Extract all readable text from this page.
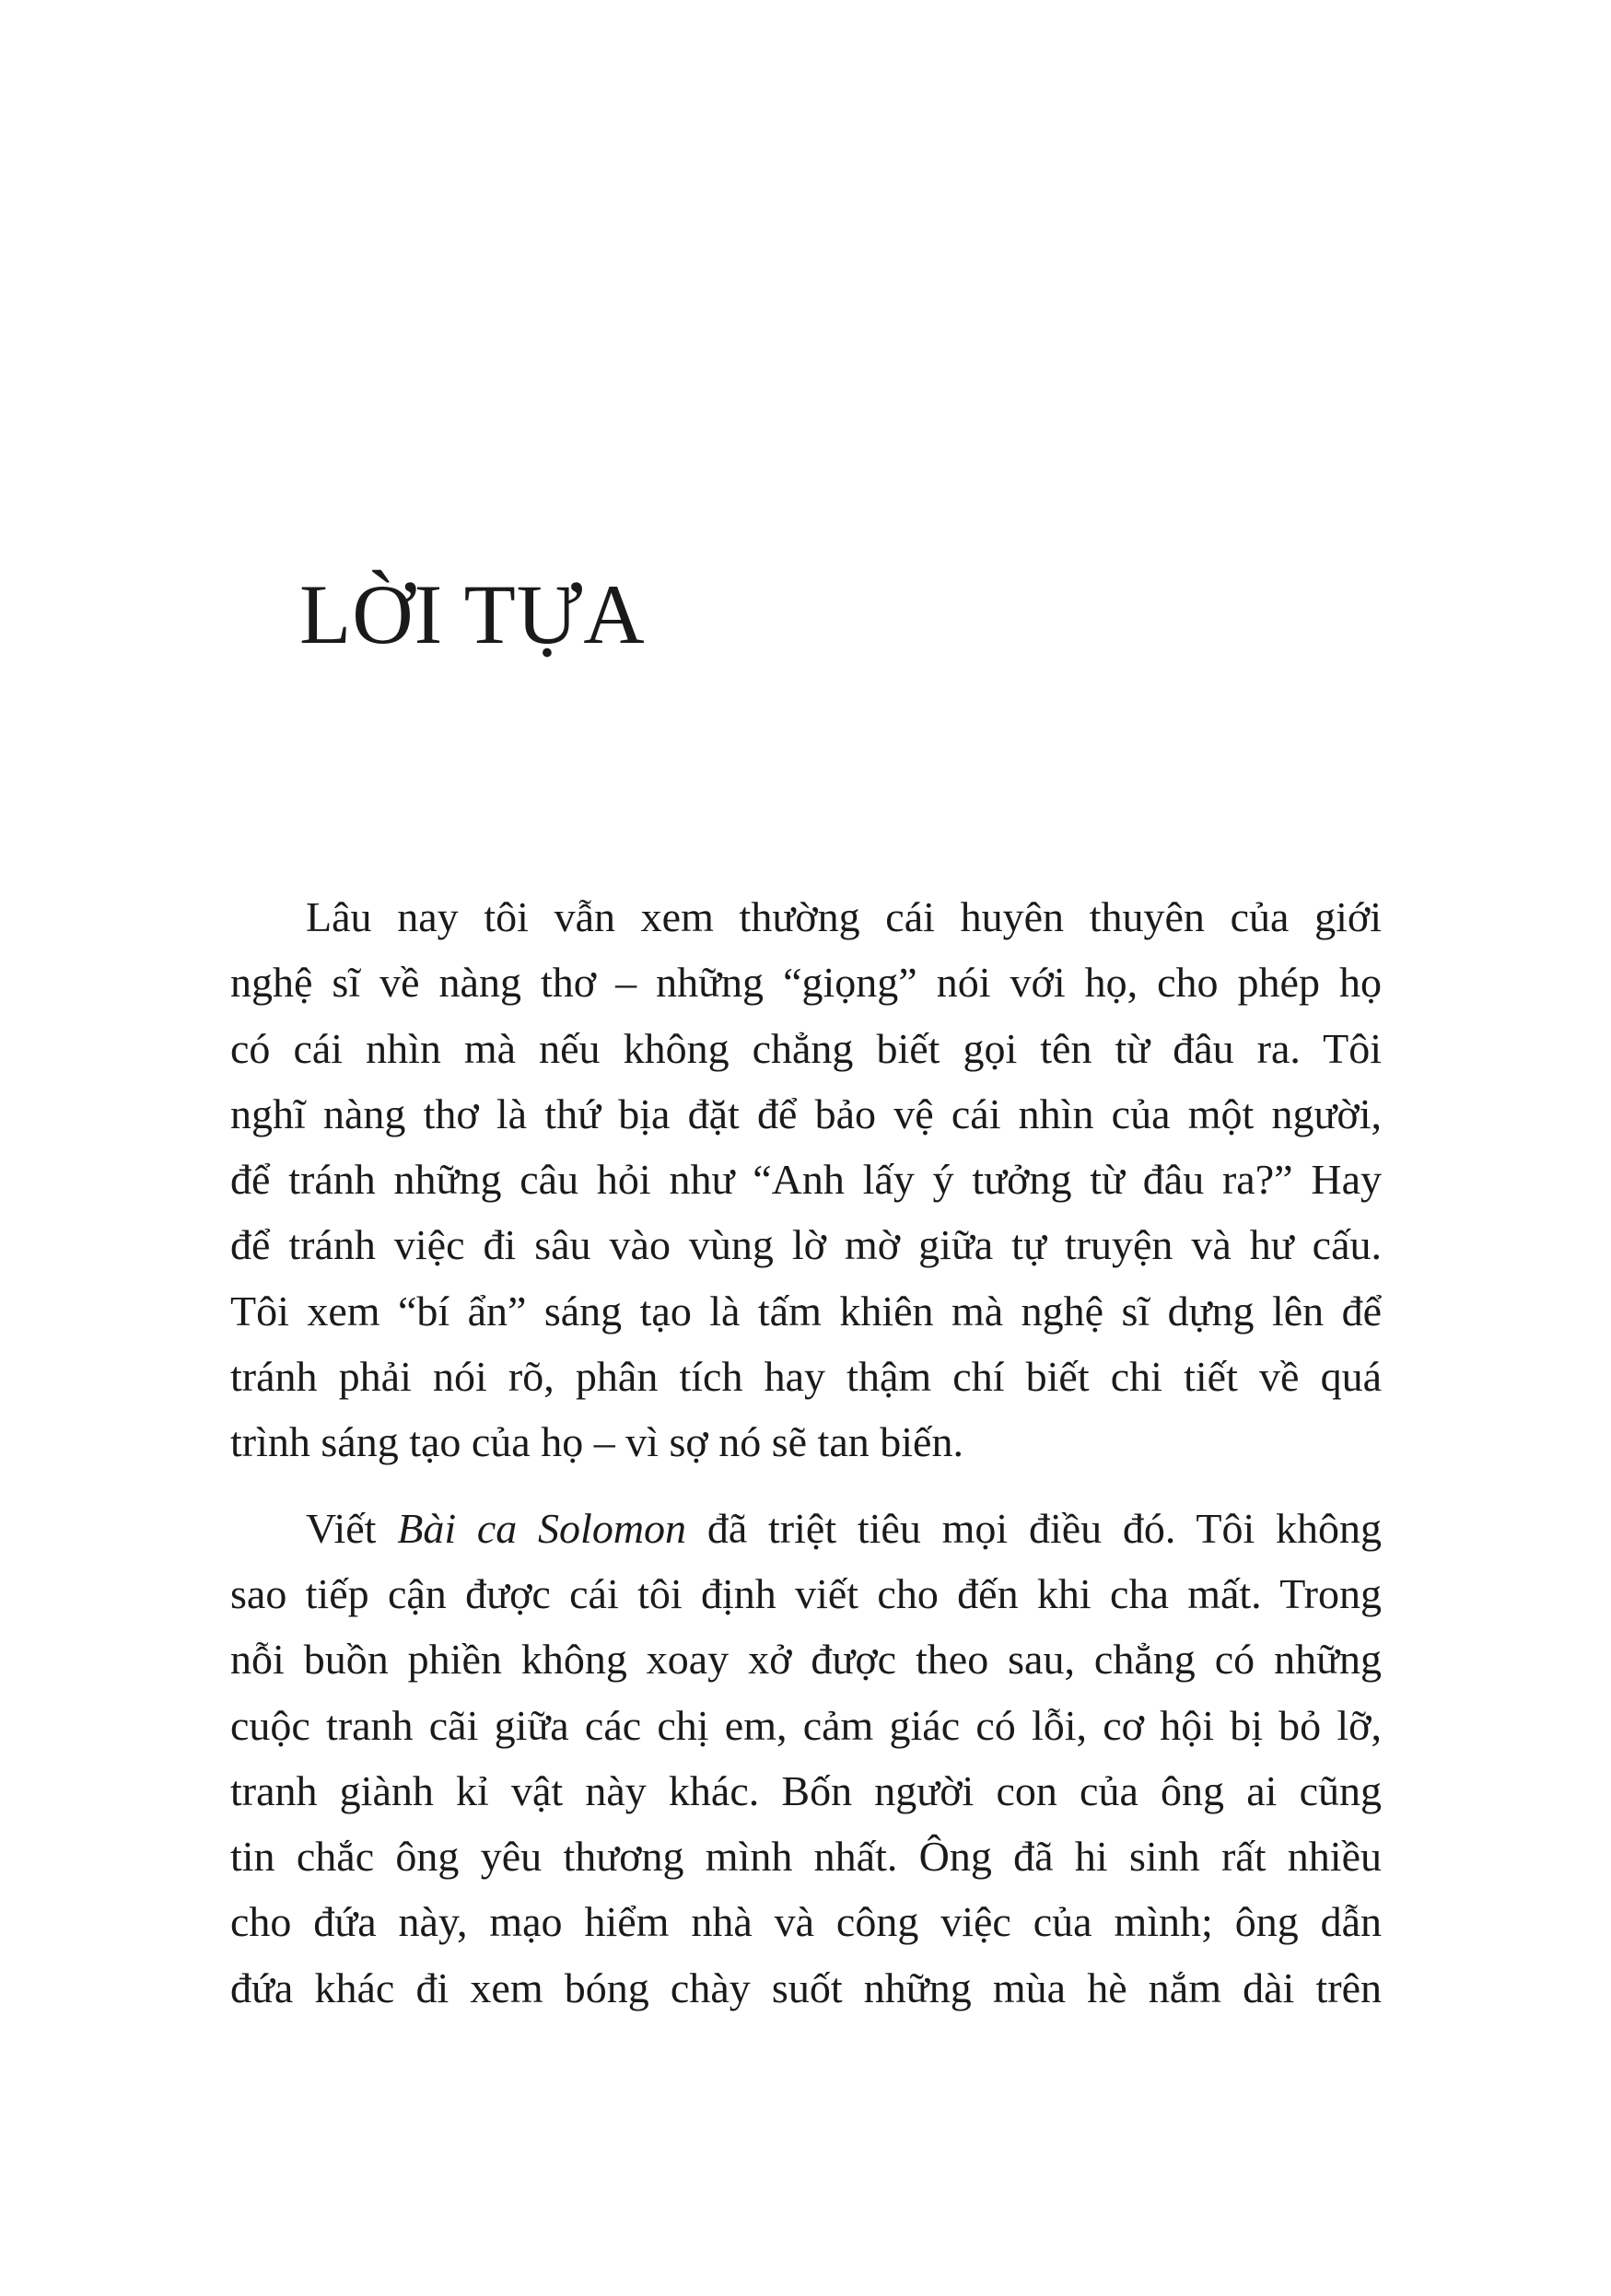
LỜI TỰA
Lâu nay tôi vẫn xem thường cái huyên thuyên của giới
nghệ sĩ về nàng thơ – những “giọng” nói với họ, cho phép họ
có cái nhìn mà nếu không chẳng biết gọi tên từ đâu ra. Tôi
nghĩ nàng thơ là thứ bịa đặt để bảo vệ cái nhìn của một người,
để tránh những câu hỏi như “Anh lấy ý tưởng từ đâu ra?” Hay
để tránh việc đi sâu vào vùng lờ mờ giữa tự truyện và hư cấu.
Tôi xem “bí ẩn” sáng tạo là tấm khiên mà nghệ sĩ dựng lên để
tránh phải nói rõ, phân tích hay thậm chí biết chi tiết về quá
trình sáng tạo của họ – vì sợ nó sẽ tan biến.
Viết Bài ca Solomon đã triệt tiêu mọi điều đó. Tôi không
sao tiếp cận được cái tôi định viết cho đến khi cha mất. Trong
nỗi buồn phiền không xoay xở được theo sau, chẳng có những
cuộc tranh cãi giữa các chị em, cảm giác có lỗi, cơ hội bị bỏ lỡ,
tranh giành kỉ vật này khác. Bốn người con của ông ai cũng
tin chắc ông yêu thương mình nhất. Ông đã hi sinh rất nhiều
cho đứa này, mạo hiểm nhà và công việc của mình; ông dẫn
đứa khác đi xem bóng chày suốt những mùa hè nắm dài trên
